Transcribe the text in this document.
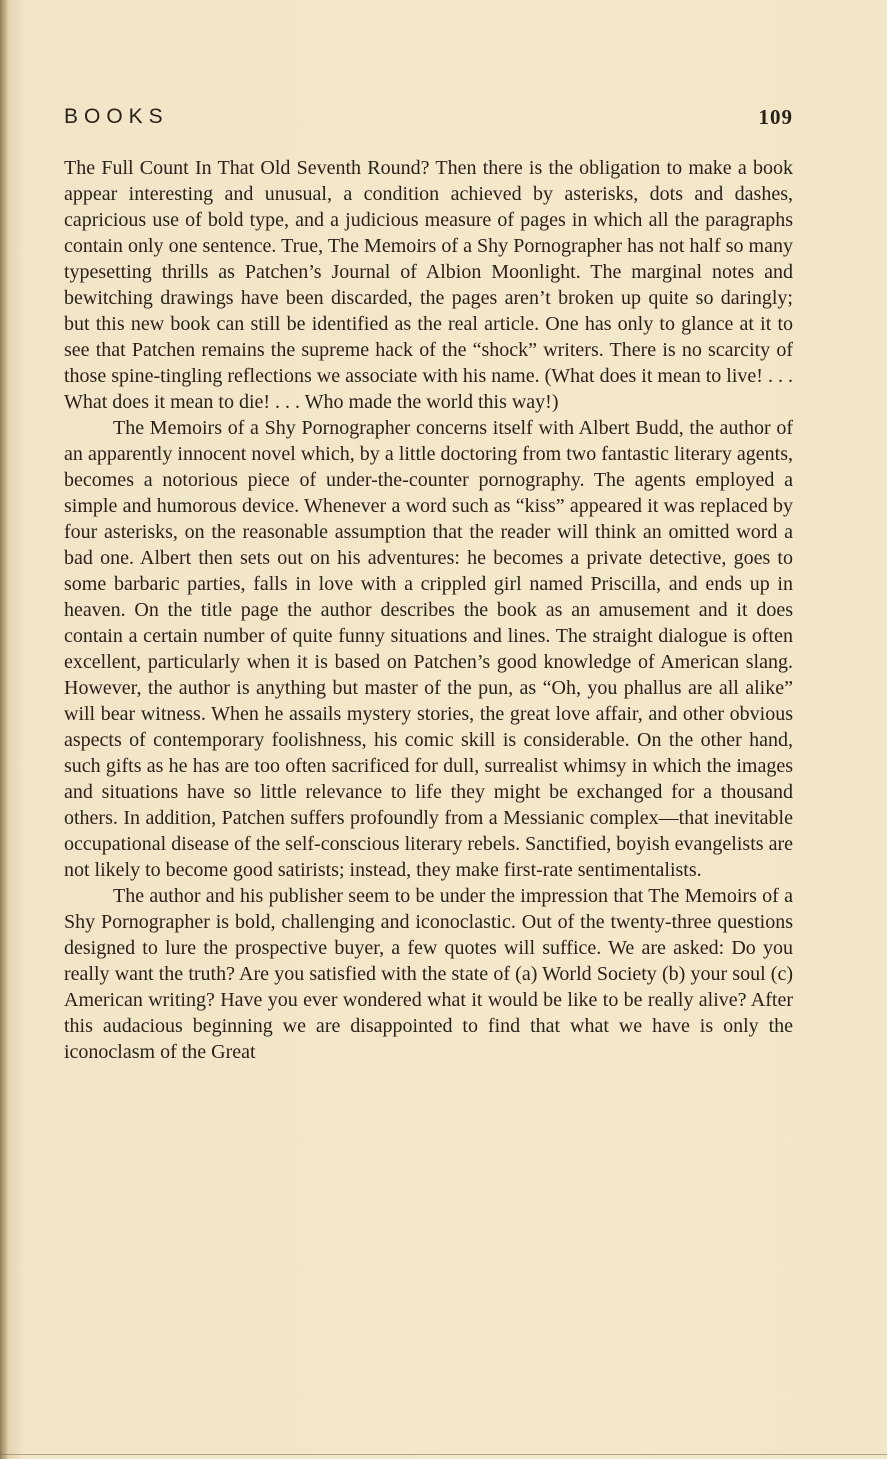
BOOKS	109

The Full Count In That Old Seventh Round? Then there is the obligation to make a book appear interesting and unusual, a condition achieved by asterisks, dots and dashes, capricious use of bold type, and a judicious measure of pages in which all the paragraphs contain only one sentence. True, The Memoirs of a Shy Pornographer has not half so many typesetting thrills as Patchen’s Journal of Albion Moonlight. The marginal notes and bewitching drawings have been discarded, the pages aren’t broken up quite so daringly; but this new book can still be identified as the real article. One has only to glance at it to see that Patchen remains the supreme hack of the “shock” writers. There is no scarcity of those spine-tingling reflections we associate with his name. (What does it mean to live! . . . What does it mean to die! . . . Who made the world this way!)

The Memoirs of a Shy Pornographer concerns itself with Albert Budd, the author of an apparently innocent novel which, by a little doctoring from two fantastic literary agents, becomes a notorious piece of under-the-counter pornography. The agents employed a simple and humorous device. Whenever a word such as “kiss” appeared it was replaced by four asterisks, on the reasonable assumption that the reader will think an omitted word a bad one. Albert then sets out on his adventures: he becomes a private detective, goes to some barbaric parties, falls in love with a crippled girl named Priscilla, and ends up in heaven. On the title page the author describes the book as an amusement and it does contain a certain number of quite funny situations and lines. The straight dialogue is often excellent, particularly when it is based on Patchen’s good knowledge of American slang. However, the author is anything but master of the pun, as “Oh, you phallus are all alike” will bear witness. When he assails mystery stories, the great love affair, and other obvious aspects of contemporary foolishness, his comic skill is considerable. On the other hand, such gifts as he has are too often sacrificed for dull, surrealist whimsy in which the images and situations have so little relevance to life they might be exchanged for a thousand others. In addition, Patchen suffers profoundly from a Messianic complex—that inevitable occupational disease of the self-conscious literary rebels. Sanctified, boyish evangelists are not likely to become good satirists; instead, they make first-rate sentimentalists.

The author and his publisher seem to be under the impression that The Memoirs of a Shy Pornographer is bold, challenging and iconoclastic. Out of the twenty-three questions designed to lure the prospective buyer, a few quotes will suffice. We are asked: Do you really want the truth? Are you satisfied with the state of (a) World Society (b) your soul (c) American writing? Have you ever wondered what it would be like to be really alive? After this audacious beginning we are disappointed to find that what we have is only the iconoclasm of the Great
